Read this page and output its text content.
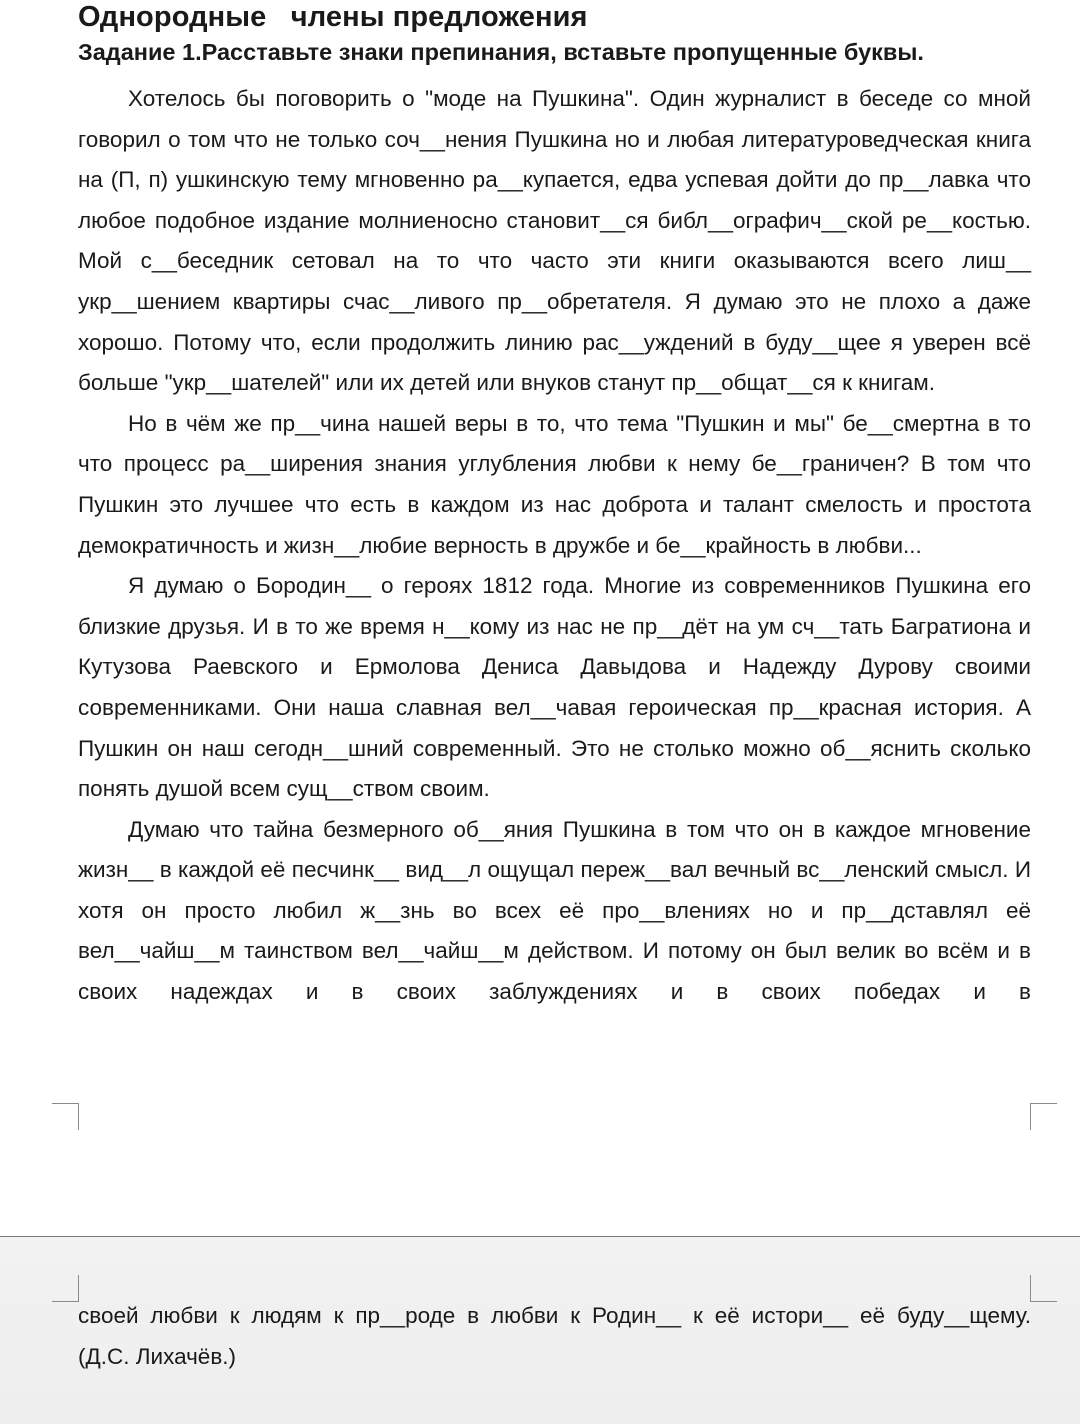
Однородные   члены предложения
Задание 1.Расставьте знаки препинания, вставьте пропущенные буквы.

Хотелось бы поговорить о "моде на Пушкина". Один журналист в беседе со мной говорил о том что не только соч__нения Пушкина но и любая литературоведческая книга на (П, п) ушкинскую тему мгновенно ра__купается, едва успевая дойти до пр__лавка что любое подобное издание молниеносно становит__ся библ__ографич__ской ре__костью. Мой с__беседник сетовал на то что часто эти книги оказываются всего лиш__ укр__шением квартиры счас__ливого пр__обретателя. Я думаю это не плохо а даже хорошо. Потому что, если продолжить линию рас__уждений в буду__щее я уверен всё больше "укр__шателей" или их детей или внуков станут пр__общат__ся к книгам.

Но в чём же пр__чина нашей веры в то, что тема "Пушкин и мы" бе__смертна в то что процесс ра__ширения знания углубления любви к нему бе__граничен? В том что Пушкин это лучшее что есть в каждом из нас доброта и талант смелость и простота демократичность и жизн__любие верность в дружбе и бе__крайность в любви...

Я думаю о Бородин__ о героях 1812 года. Многие из современников Пушкина его близкие друзья. И в то же время н__кому из нас не пр__дёт на ум сч__тать Багратиона и Кутузова Раевского и Ермолова Дениса Давыдова и Надежду Дурову своими современниками. Они наша славная вел__чавая героическая пр__красная история. А Пушкин он наш сегодн__шний современный. Это не столько можно об__яснить сколько понять душой всем сущ__ством своим.

Думаю что тайна безмерного об__яния Пушкина в том что он в каждое мгновение жизн__ в каждой её песчинк__ вид__л ощущал переж__вал вечный вс__ленский смысл. И хотя он просто любил ж__знь во всех её про__влениях но и пр__дставлял её вел__чайш__м таинством вел__чайш__м действом. И потому он был велик во всём и в своих надеждах и в своих заблуждениях и в своих победах и в

своей любви к людям к пр__роде в любви к Родин__ к её истори__ её буду__щему.

(Д.С. Лихачёв.)
